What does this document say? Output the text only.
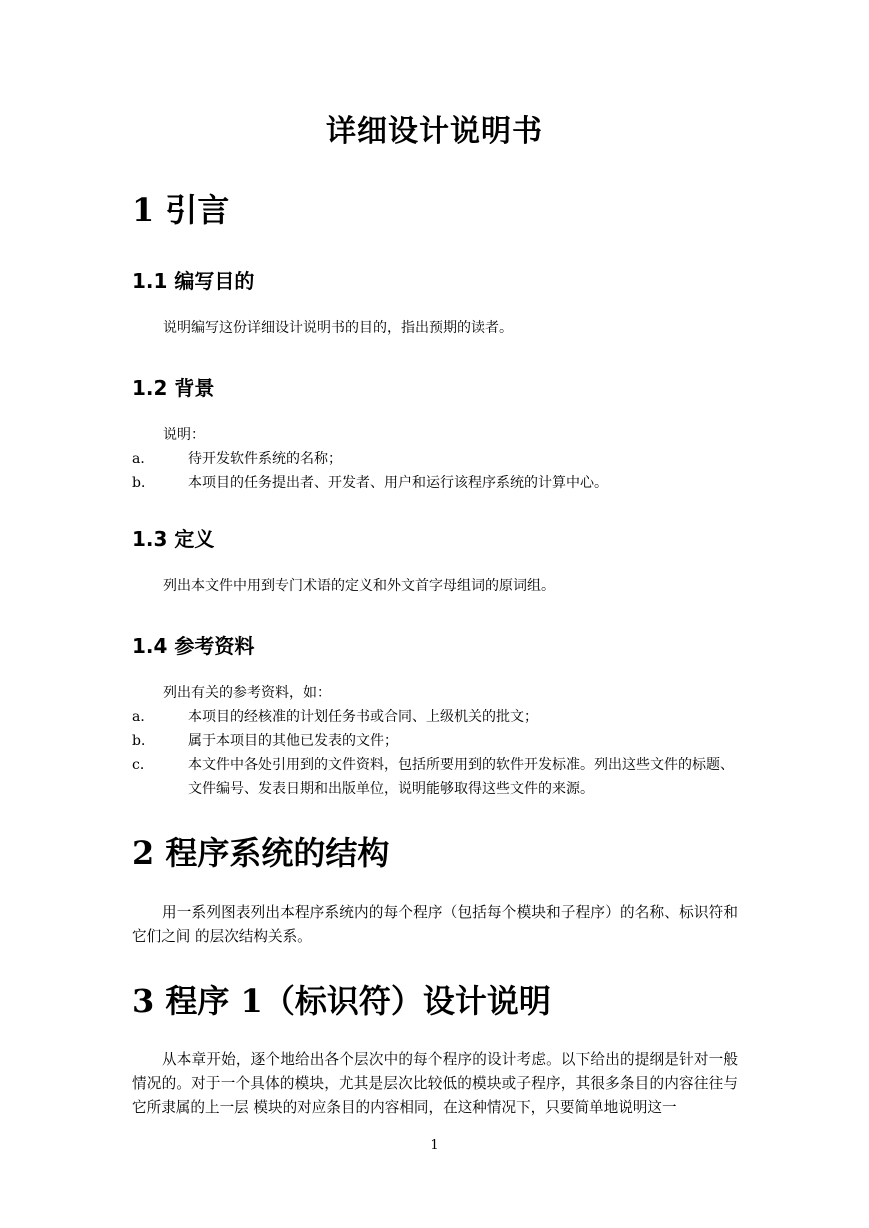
详细设计说明书
1 引言
1.1 编写目的
说明编写这份详细设计说明书的目的，指出预期的读者。
1.2 背景
说明：
a．	待开发软件系统的名称；
b．	本项目的任务提出者、开发者、用户和运行该程序系统的计算中心。
1.3 定义
列出本文件中用到专门术语的定义和外文首字母组词的原词组。
1.4 参考资料
列出有关的参考资料，如：
a．	本项目的经核准的计划任务书或合同、上级机关的批文；
b．	属于本项目的其他已发表的文件；
c．	本文件中各处引用到的文件资料，包括所要用到的软件开发标准。列出这些文件的标题、文件编号、发表日期和出版单位，说明能够取得这些文件的来源。
2 程序系统的结构
用一系列图表列出本程序系统内的每个程序（包括每个模块和子程序）的名称、标识符和它们之间 的层次结构关系。
3 程序 1（标识符）设计说明
从本章开始，逐个地给出各个层次中的每个程序的设计考虑。以下给出的提纲是针对一般情况的。对于一个具体的模块，尤其是层次比较低的模块或子程序，其很多条目的内容往往与它所隶属的上一层 模块的对应条目的内容相同，在这种情况下，只要简单地说明这一
1
